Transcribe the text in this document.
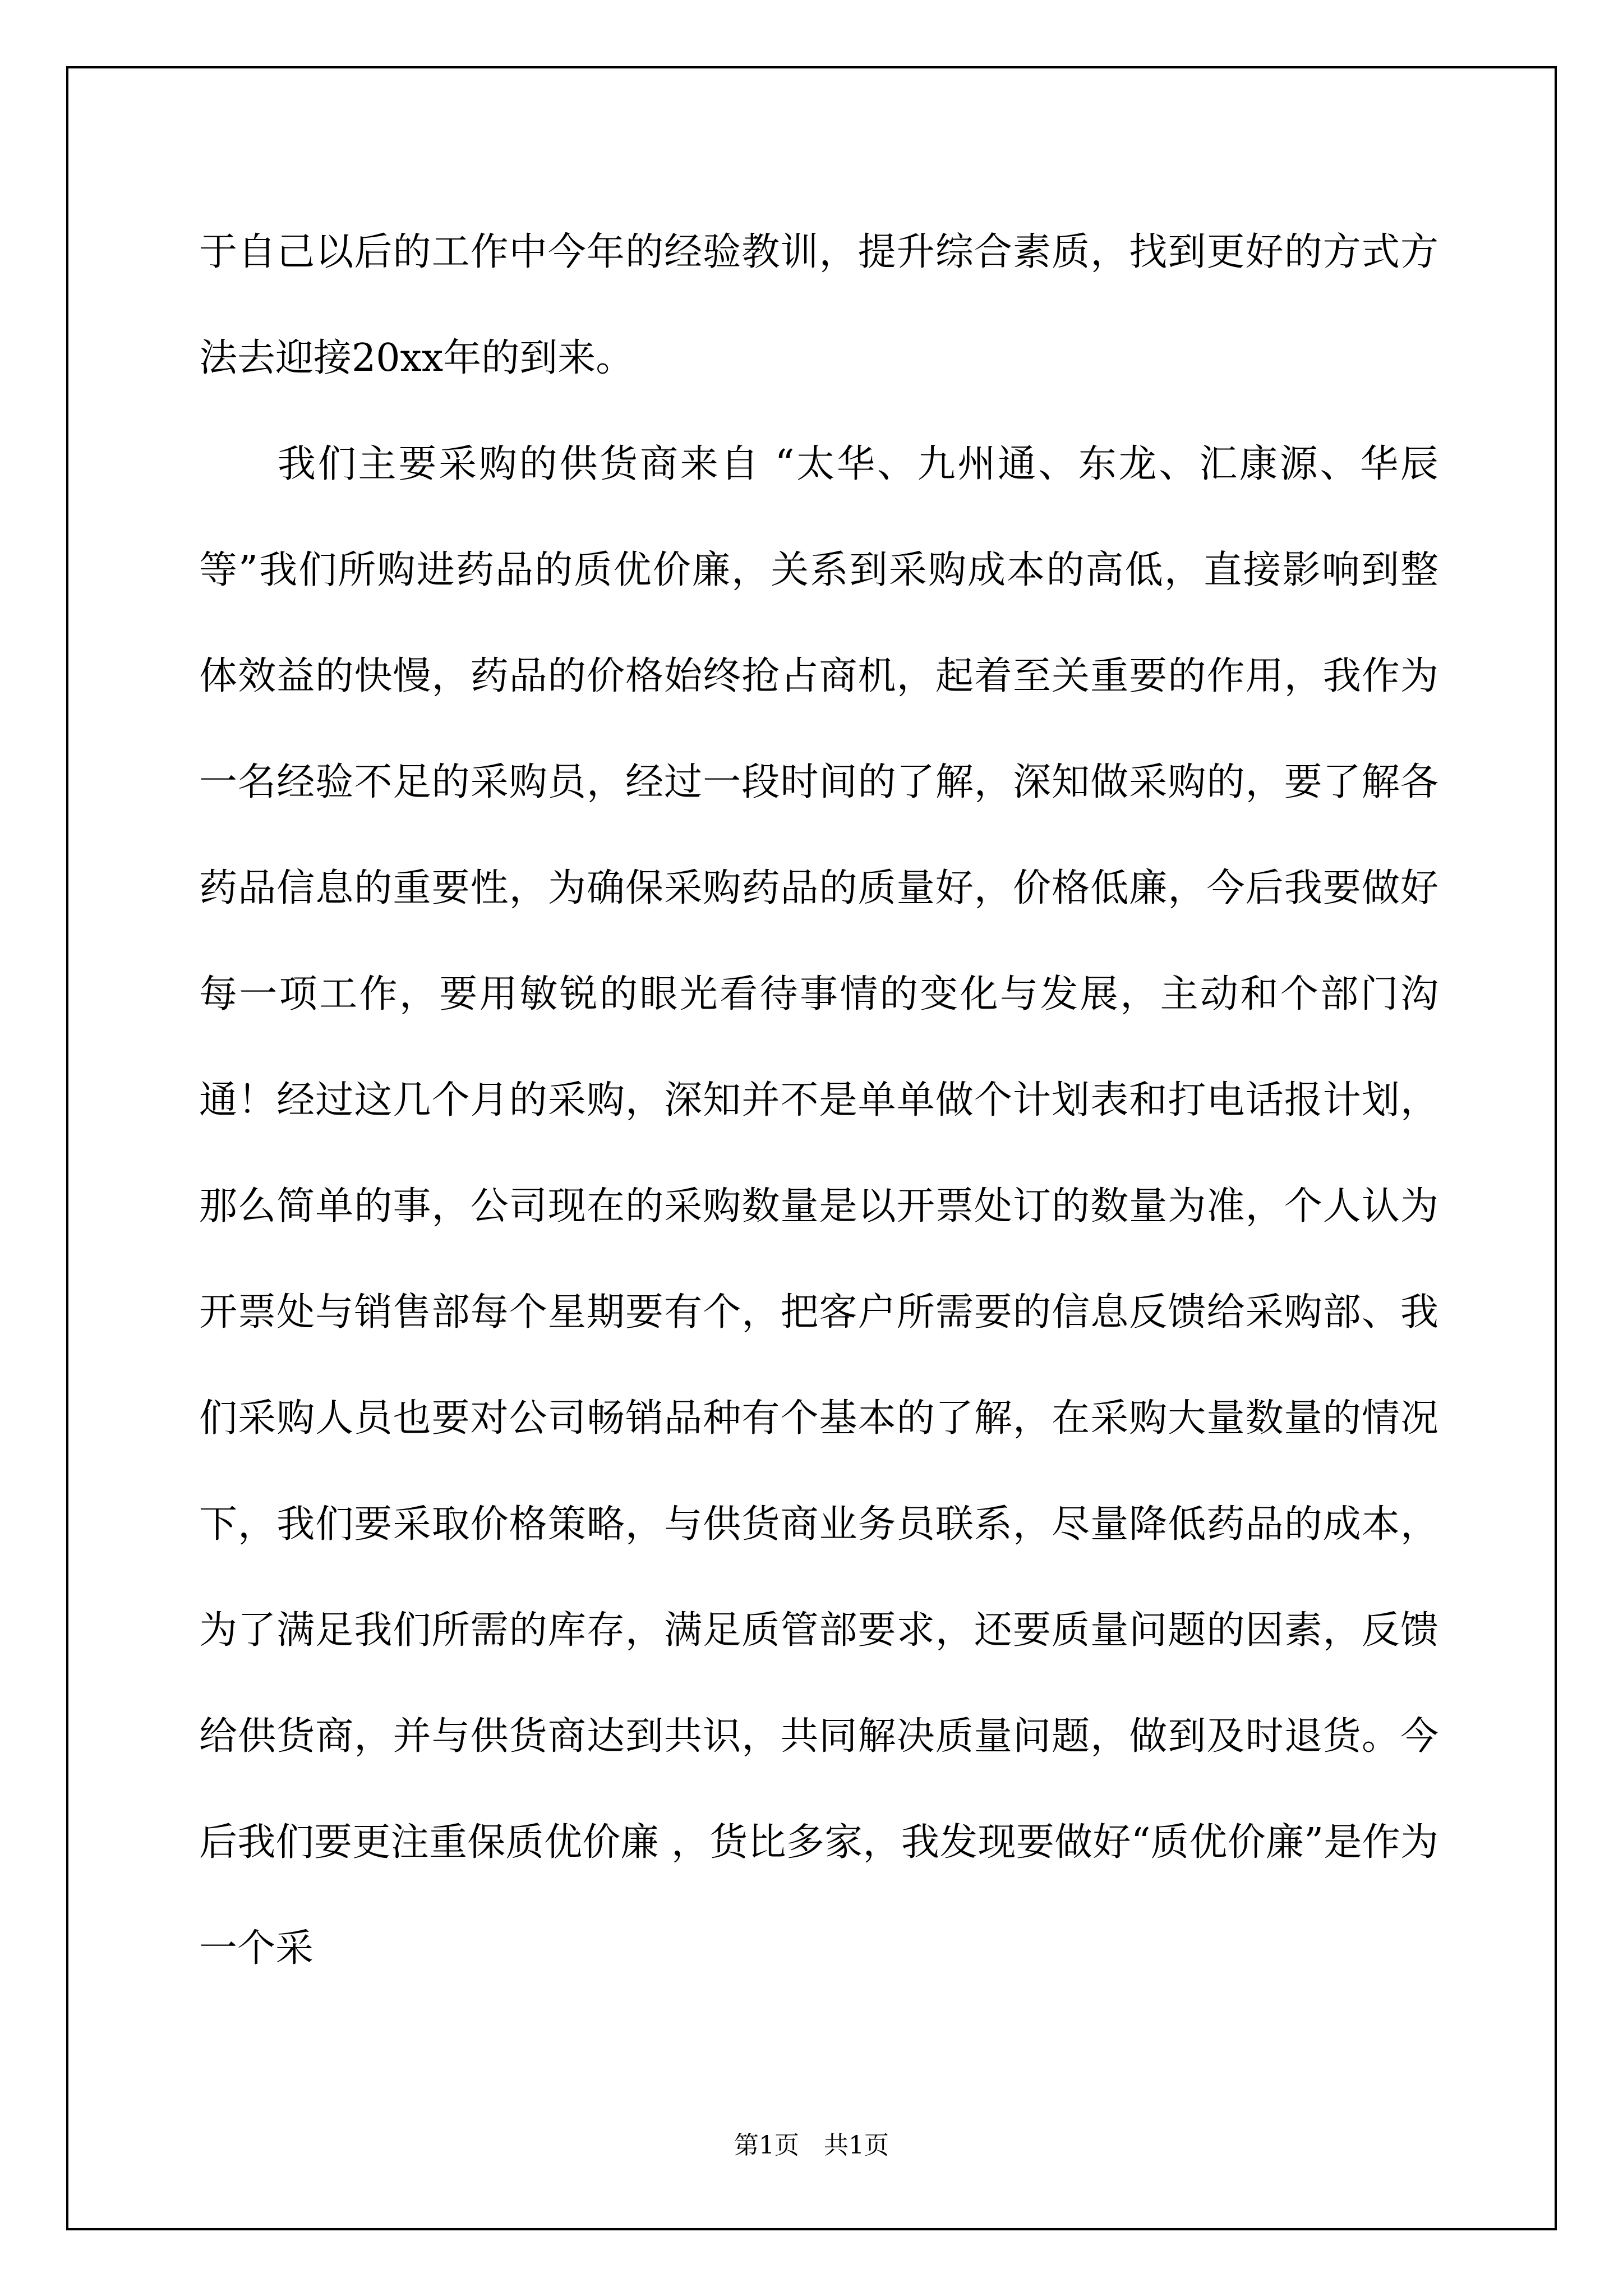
于自己以后的工作中今年的经验教训，提升综合素质，找到更好的方式方法去迎接20xx年的到来。

我们主要采购的供货商来自 “太华、九州通、东龙、汇康源、华辰等”我们所购进药品的质优价廉，关系到采购成本的高低，直接影响到整体效益的快慢，药品的价格始终抢占商机，起着至关重要的作用，我作为一名经验不足的采购员，经过一段时间的了解，深知做采购的，要了解各药品信息的重要性，为确保采购药品的质量好，价格低廉，今后我要做好每一项工作，要用敏锐的眼光看待事情的变化与发展，主动和个部门沟通！经过这几个月的采购，深知并不是单单做个计划表和打电话报计划，那么简单的事，公司现在的采购数量是以开票处订的数量为准，个人认为开票处与销售部每个星期要有个，把客户所需要的信息反馈给采购部、我们采购人员也要对公司畅销品种有个基本的了解，在采购大量数量的情况下，我们要采取价格策略，与供货商业务员联系，尽量降低药品的成本，为了满足我们所需的库存，满足质管部要求，还要质量问题的因素，反馈给供货商，并与供货商达到共识，共同解决质量问题，做到及时退货。今后我们要更注重保质优价廉 ，货比多家，我发现要做好“质优价廉”是作为一个采

第1页　共1页
